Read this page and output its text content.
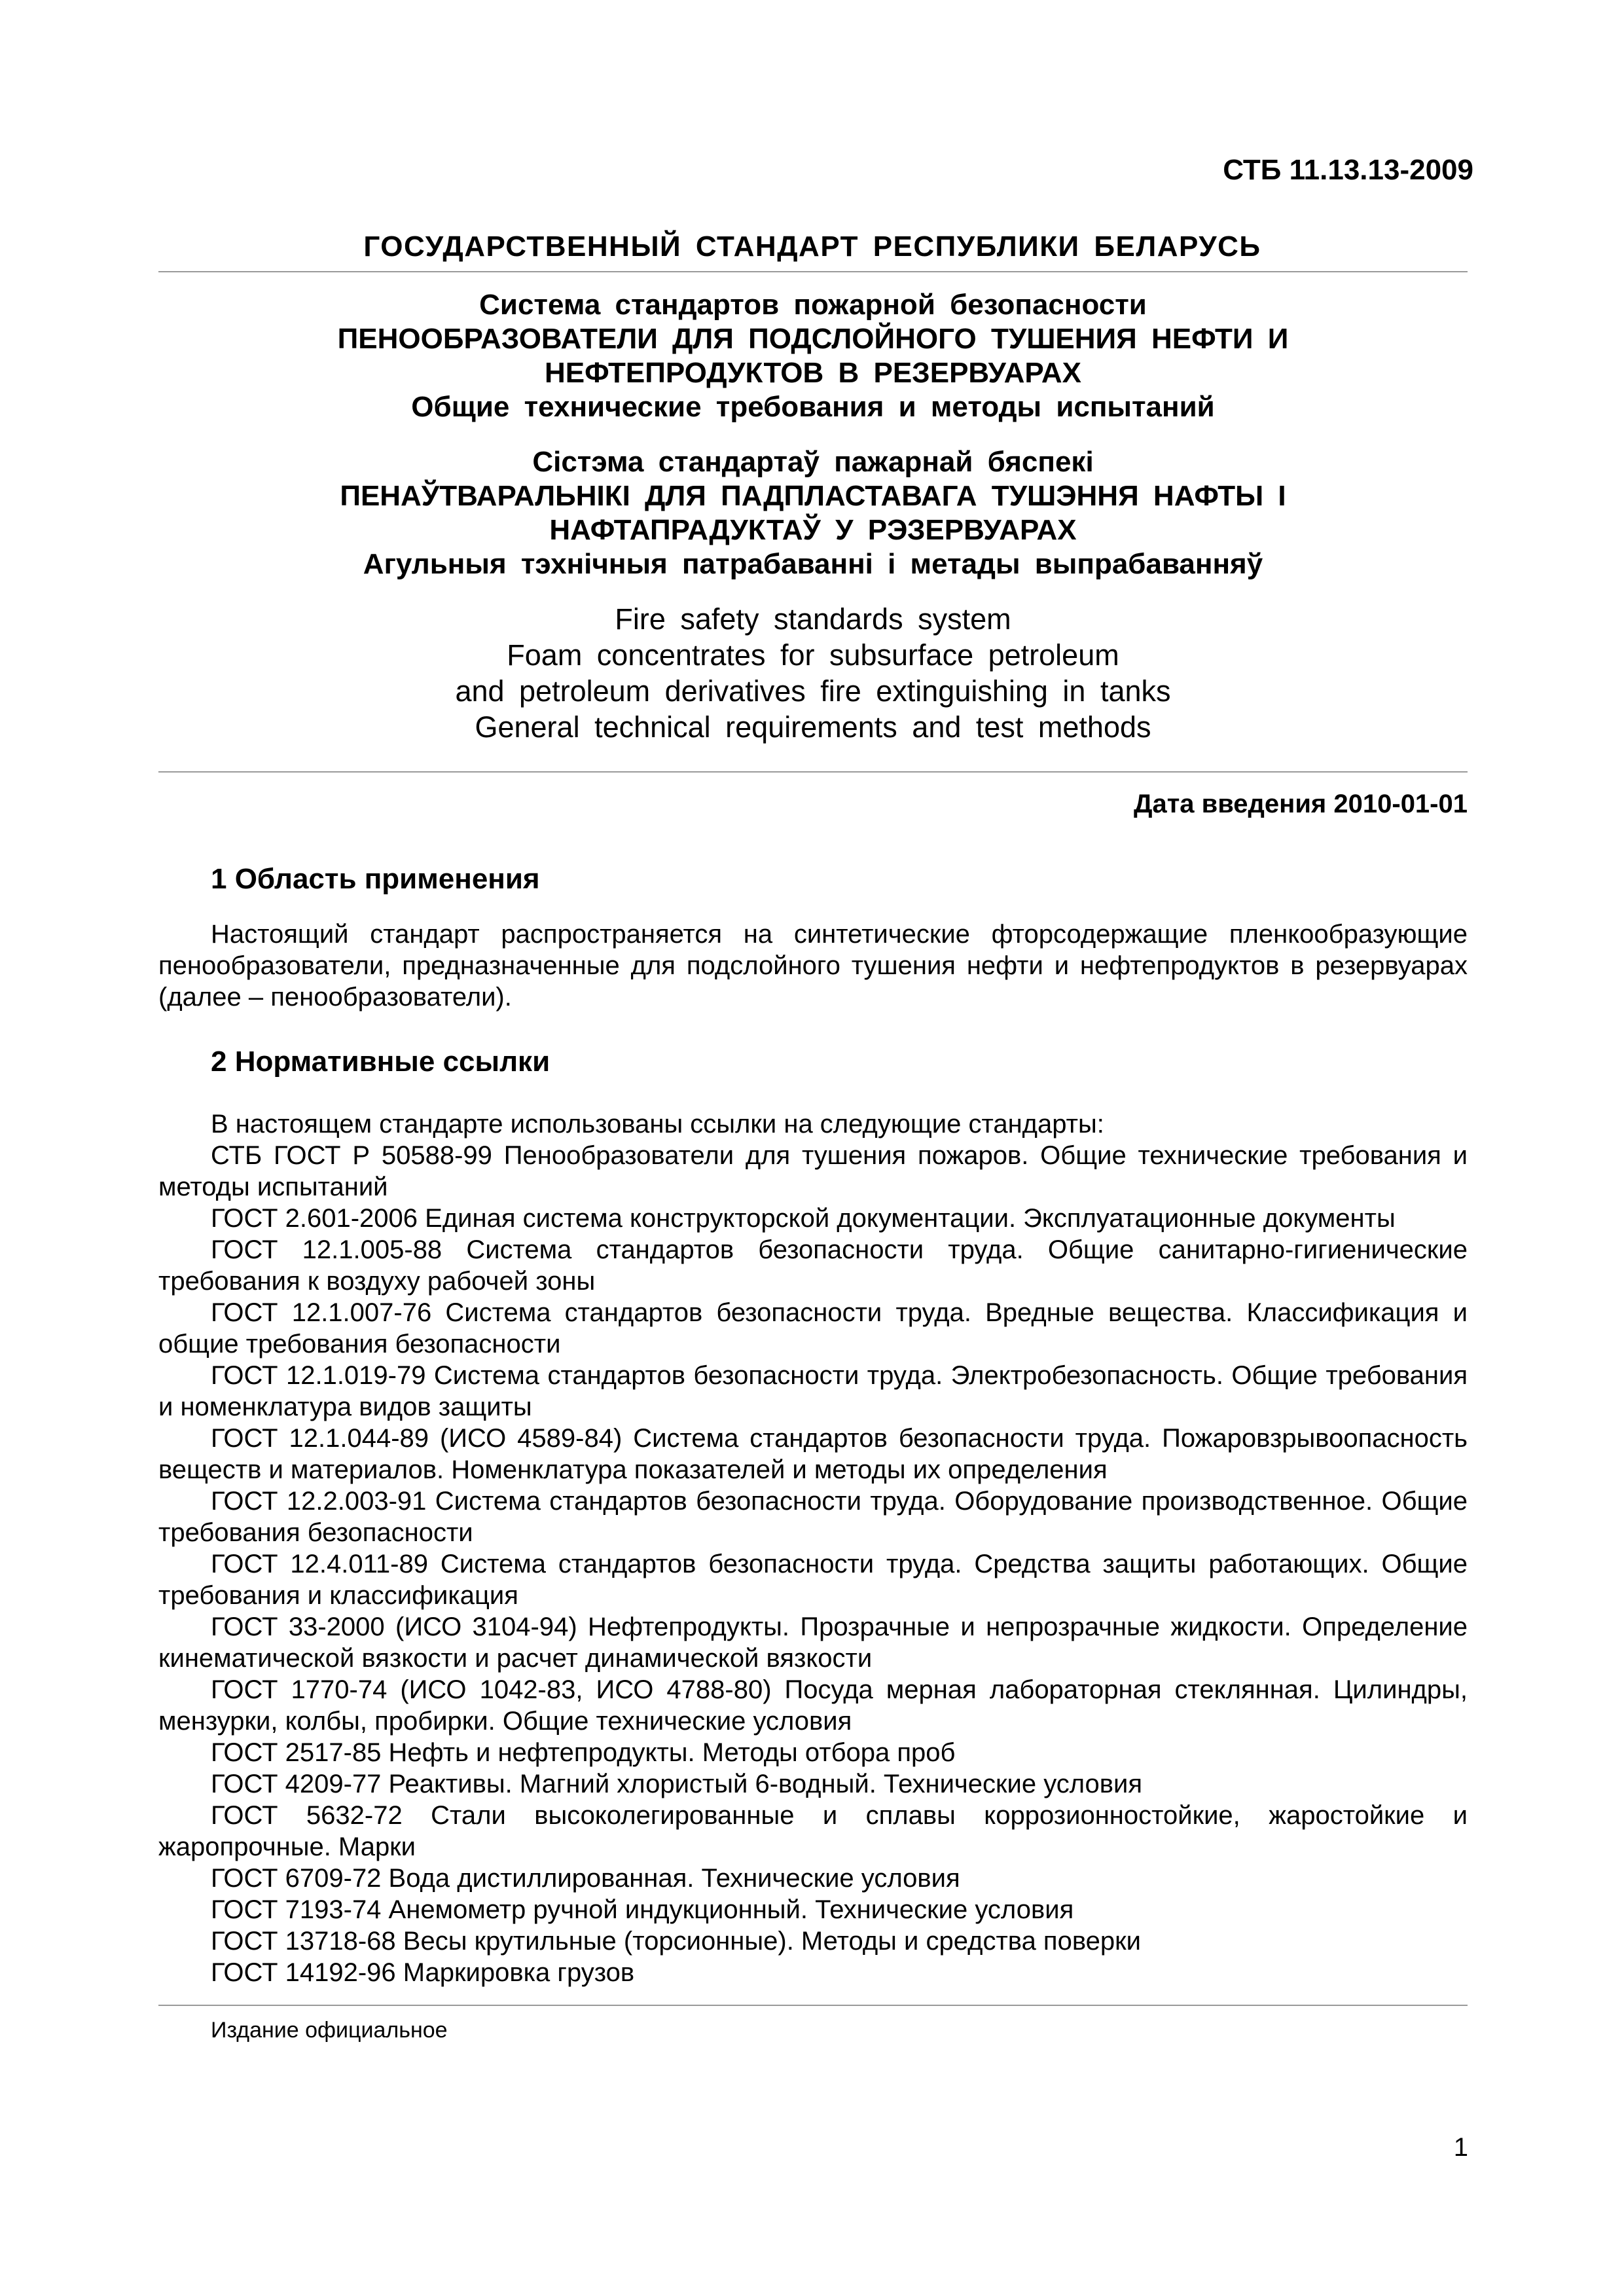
СТБ 11.13.13-2009

ГОСУДАРСТВЕННЫЙ СТАНДАРТ РЕСПУБЛИКИ БЕЛАРУСЬ

Система стандартов пожарной безопасности
ПЕНООБРАЗОВАТЕЛИ ДЛЯ ПОДСЛОЙНОГО ТУШЕНИЯ НЕФТИ И
НЕФТЕПРОДУКТОВ В РЕЗЕРВУАРАХ
Общие технические требования и методы испытаний
Сістэма стандартаў пажарнай бяспекі
ПЕНАЎТВАРАЛЬНІКІ ДЛЯ ПАДПЛАСТАВАГА ТУШЭННЯ НАФТЫ І
НАФТАПРАДУКТАЎ У РЭЗЕРВУАРАХ
Агульныя тэхнічныя патрабаванні і метады выпрабаванняў
Fire safety standards system
Foam concentrates for subsurface petroleum
and petroleum derivatives fire extinguishing in tanks
General technical requirements and test methods

Дата введения 2010-01-01

1 Область применения

Настоящий стандарт распространяется на синтетические фторсодержащие пленкообразующие пенообразователи, предназначенные для подслойного тушения нефти и нефтепродуктов в резервуарах (далее – пенообразователи).

2 Нормативные ссылки

В настоящем стандарте использованы ссылки на следующие стандарты:
СТБ ГОСТ Р 50588-99 Пенообразователи для тушения пожаров. Общие технические требования и методы испытаний
ГОСТ 2.601-2006 Единая система конструкторской документации. Эксплуатационные документы
ГОСТ 12.1.005-88 Система стандартов безопасности труда. Общие санитарно-гигиенические требования к воздуху рабочей зоны
ГОСТ 12.1.007-76 Система стандартов безопасности труда. Вредные вещества. Классификация и общие требования безопасности
ГОСТ 12.1.019-79 Система стандартов безопасности труда. Электробезопасность. Общие требования и номенклатура видов защиты
ГОСТ 12.1.044-89 (ИСО 4589-84) Система стандартов безопасности труда. Пожаровзрывоопасность веществ и материалов. Номенклатура показателей и методы их определения
ГОСТ 12.2.003-91 Система стандартов безопасности труда. Оборудование производственное. Общие требования безопасности
ГОСТ 12.4.011-89 Система стандартов безопасности труда. Средства защиты работающих. Общие требования и классификация
ГОСТ 33-2000 (ИСО 3104-94) Нефтепродукты. Прозрачные и непрозрачные жидкости. Определение кинематической вязкости и расчет динамической вязкости
ГОСТ 1770-74 (ИСО 1042-83, ИСО 4788-80) Посуда мерная лабораторная стеклянная. Цилиндры, мензурки, колбы, пробирки. Общие технические условия
ГОСТ 2517-85 Нефть и нефтепродукты. Методы отбора проб
ГОСТ 4209-77 Реактивы. Магний хлористый 6-водный. Технические условия
ГОСТ 5632-72 Стали высоколегированные и сплавы коррозионностойкие, жаростойкие и жаропрочные. Марки
ГОСТ 6709-72 Вода дистиллированная. Технические условия
ГОСТ 7193-74 Анемометр ручной индукционный. Технические условия
ГОСТ 13718-68 Весы крутильные (торсионные). Методы и средства поверки
ГОСТ 14192-96 Маркировка грузов

Издание официальное

1
